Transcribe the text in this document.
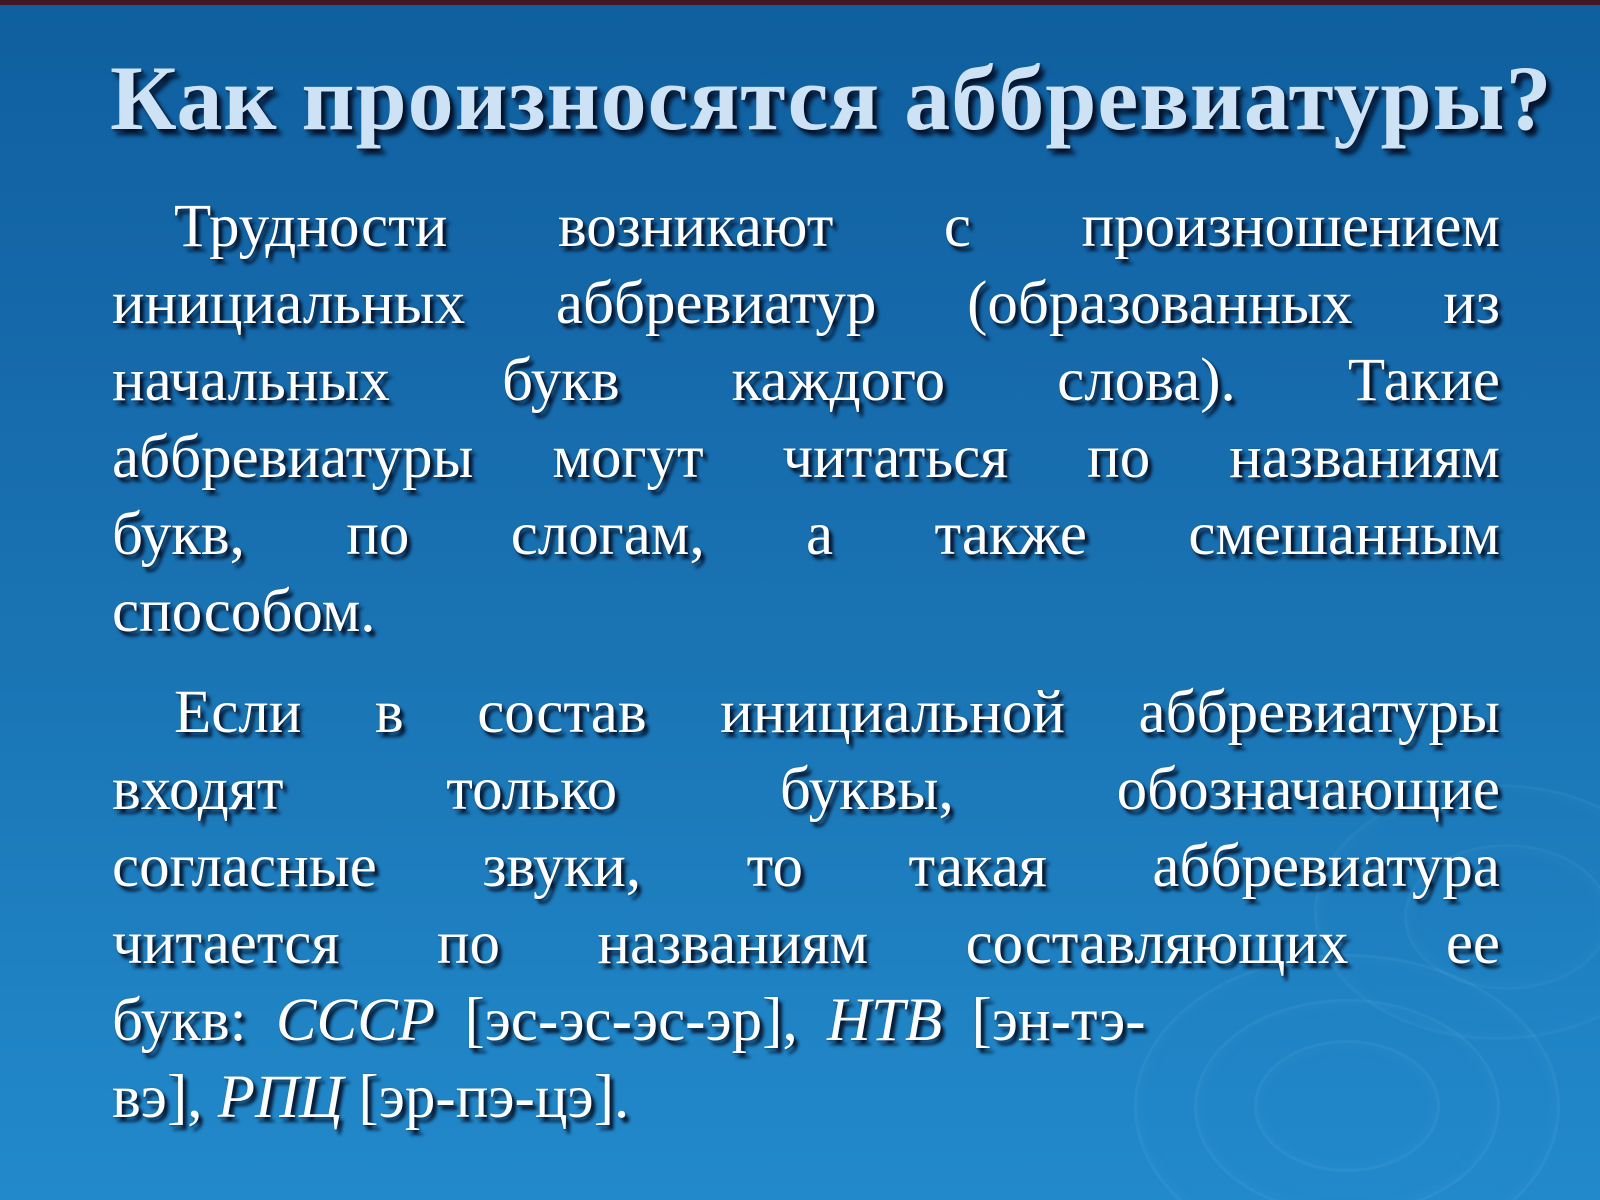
Как произносятся аббревиатуры?
Трудности возникают с произношением
инициальных аббревиатур (образованных из
начальных букв каждого слова). Такие
аббревиатуры могут читаться по названиям
букв, по слогам, а также смешанным
способом.
Если в состав инициальной аббревиатуры
входят только буквы, обозначающие
согласные звуки, то такая аббревиатура
читается по названиям составляющих ее
букв: СССР [эс-эс-эс-эр], НТВ [эн-тэ-
вэ], РПЦ [эр-пэ-цэ].
